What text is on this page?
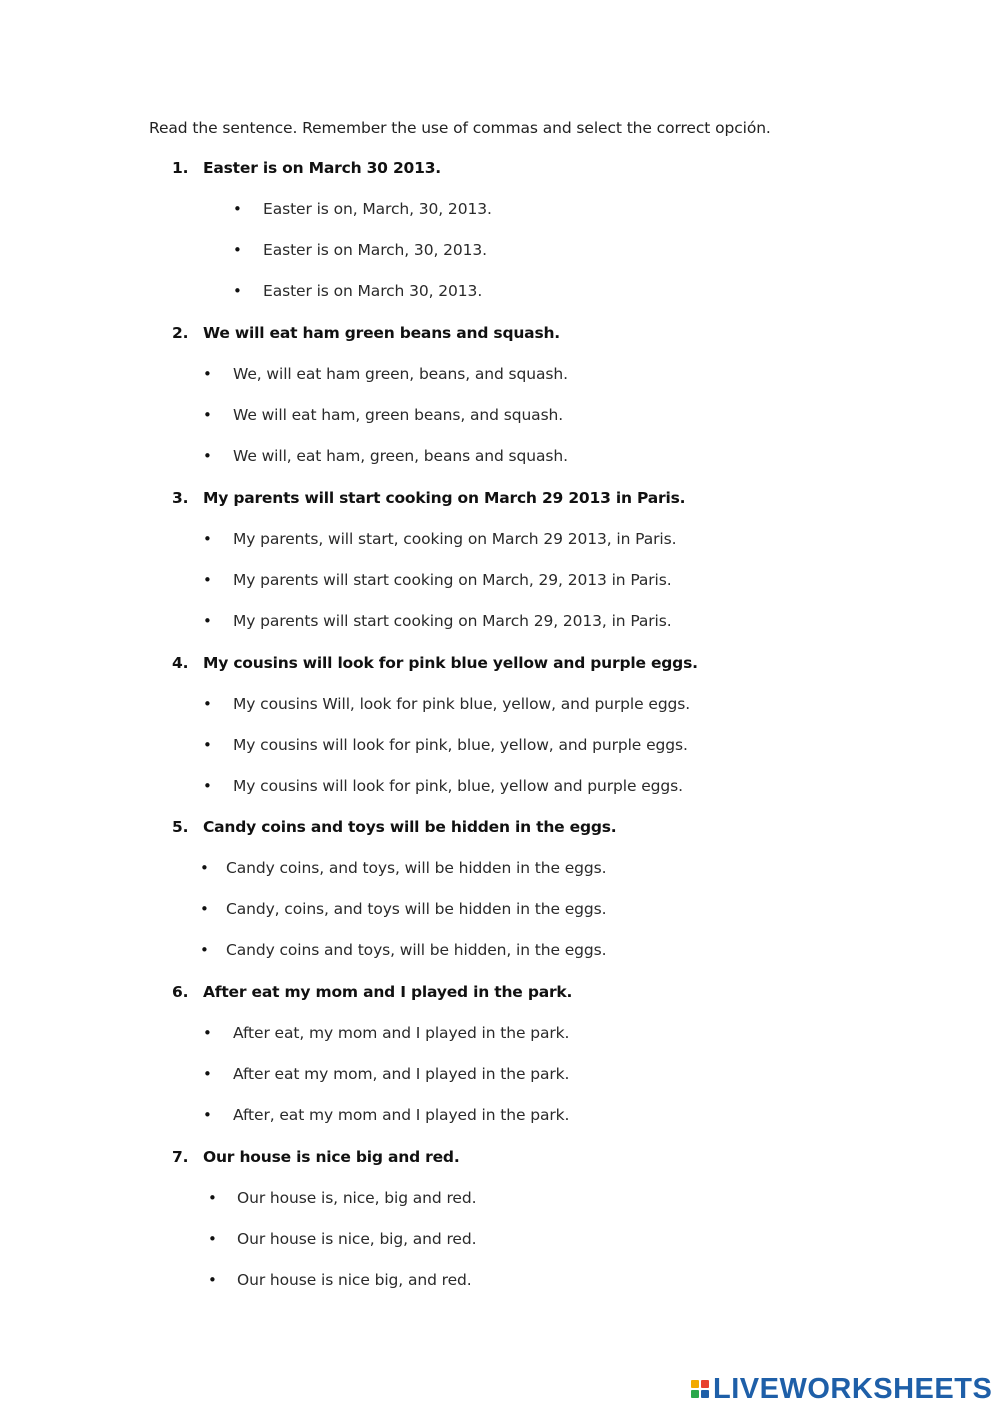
Read the sentence. Remember the use of commas and select the correct opción.
1. Easter is on March 30 2013.
• Easter is on, March, 30, 2013.
• Easter is on March, 30, 2013.
• Easter is on March 30, 2013.
2. We will eat ham green beans and squash.
• We, will eat ham green, beans, and squash.
• We will eat ham, green beans, and squash.
• We will, eat ham, green, beans and squash.
3. My parents will start cooking on March 29 2013 in Paris.
• My parents, will start, cooking on March 29 2013, in Paris.
• My parents will start cooking on March, 29, 2013 in Paris.
• My parents will start cooking on March 29, 2013, in Paris.
4. My cousins will look for pink blue yellow and purple eggs.
• My cousins Will, look for pink blue, yellow, and purple eggs.
• My cousins will look for pink, blue, yellow, and purple eggs.
• My cousins will look for pink, blue, yellow and purple eggs.
5. Candy coins and toys will be hidden in the eggs.
• Candy coins, and toys, will be hidden in the eggs.
• Candy, coins, and toys will be hidden in the eggs.
• Candy coins and toys, will be hidden, in the eggs.
6. After eat my mom and I played in the park.
• After eat, my mom and I played in the park.
• After eat my mom, and I played in the park.
• After, eat my mom and I played in the park.
7. Our house is nice big and red.
• Our house is, nice, big and red.
• Our house is nice, big, and red.
• Our house is nice big, and red.
LIVEWORKSHEETS
